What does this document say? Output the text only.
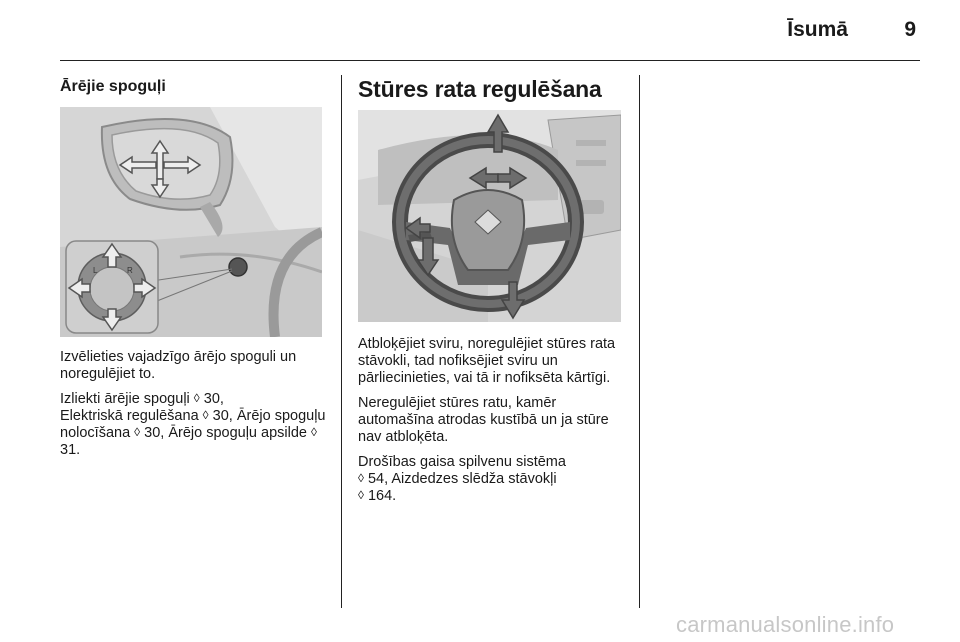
Īsumā	9
Ārējie spoguļi
L	R

Izvēlieties vajadzīgo ārējo spoguli un noregulējiet to.

Izliekti ārējie spoguļi ◊ 30,
Elektriskā regulēšana ◊ 30, Ārējo spoguļu nolocīšana ◊ 30, Ārējo spoguļu apsilde ◊ 31.

Stūres rata regulēšana

Atbloķējiet sviru, noregulējiet stūres rata stāvokli, tad nofiksējiet sviru un pārliecinieties, vai tā ir nofiksēta kārtīgi.

Neregulējiet stūres ratu, kamēr automašīna atrodas kustībā un ja stūre nav atbloķēta.

Drošības gaisa spilvenu sistēma
◊ 54, Aizdedzes slēdža stāvokļi
◊ 164.

carmanualsonline.info
